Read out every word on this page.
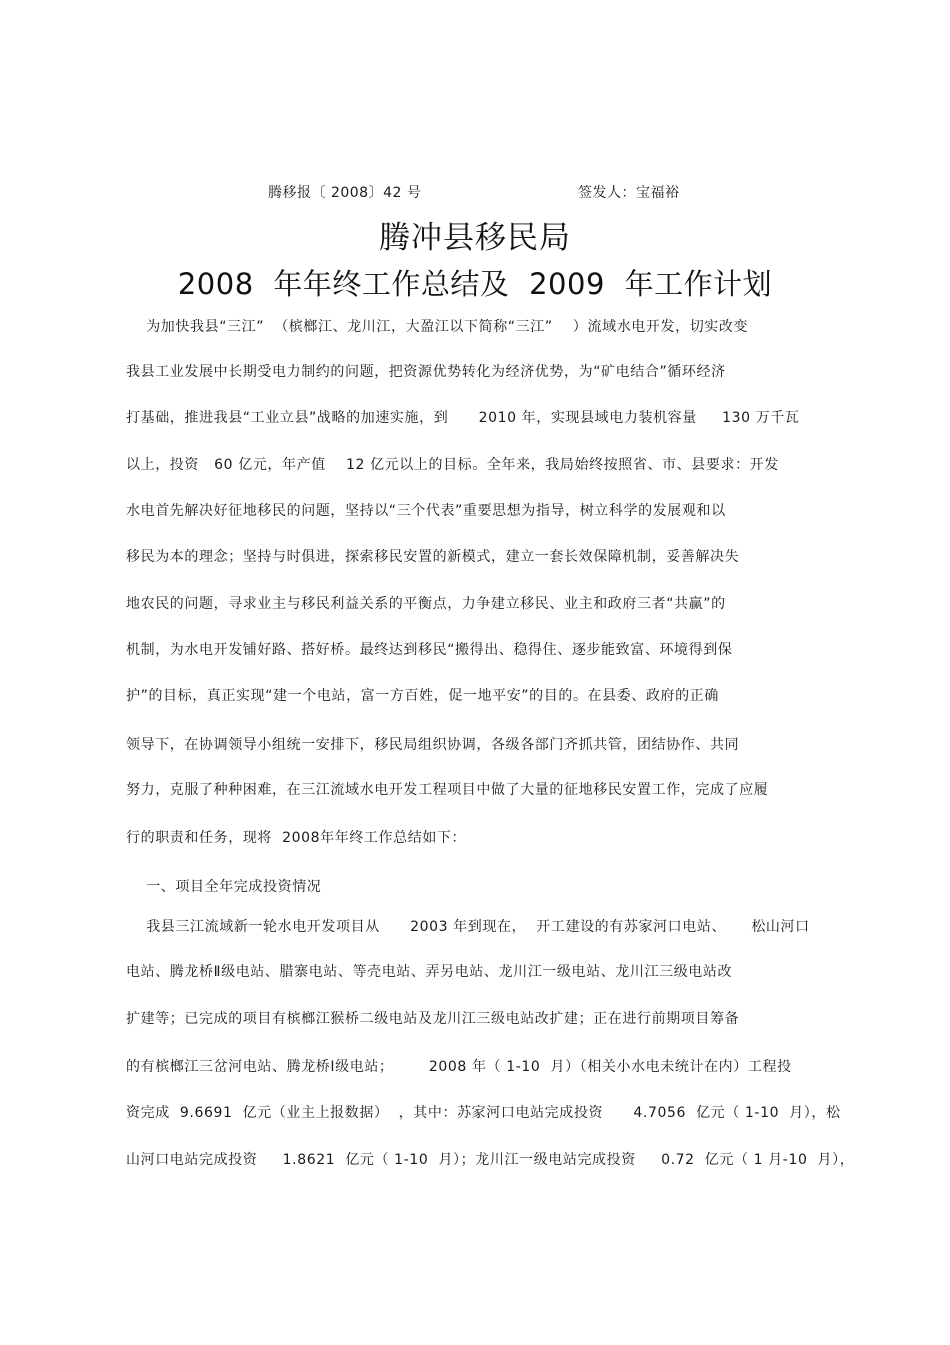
腾移报〔 2008〕42 号	签发人：宝福裕
腾冲县移民局
2008 年年终工作总结及 2009 年工作计划
为加快我县“三江”  （槟榔江、龙川江，大盈江以下简称“三江”    ）流域水电开发，切实改变
我县工业发展中长期受电力制约的问题，把资源优势转化为经济优势，为“矿电结合”循环经济
打基础，推进我县“工业立县”战略的加速实施，到      2010 年，实现县域电力装机容量     130 万千瓦
以上，投资   60 亿元，年产值    12 亿元以上的目标。全年来，我局始终按照省、市、县要求：开发
水电首先解决好征地移民的问题，坚持以“三个代表”重要思想为指导，树立科学的发展观和以
移民为本的理念；坚持与时俱进，探索移民安置的新模式，建立一套长效保障机制，妥善解决失
地农民的问题，寻求业主与移民利益关系的平衡点，力争建立移民、业主和政府三者“共赢”的
机制，为水电开发铺好路、搭好桥。最终达到移民“搬得出、稳得住、逐步能致富、环境得到保
护”的目标，真正实现“建一个电站，富一方百姓，促一地平安”的目的。在县委、政府的正确
领导下，在协调领导小组统一安排下，移民局组织协调，各级各部门齐抓共管，团结协作、共同
努力，克服了种种困难，在三江流域水电开发工程项目中做了大量的征地移民安置工作，完成了应履
行的职责和任务，现将  2008年年终工作总结如下：
一、项目全年完成投资情况
我县三江流域新一轮水电开发项目从      2003 年到现在，  开工建设的有苏家河口电站、     松山河口
电站、腾龙桥Ⅱ级电站、腊寨电站、等壳电站、弄另电站、龙川江一级电站、龙川江三级电站改
扩建等；已完成的项目有槟榔江猴桥二级电站及龙川江三级电站改扩建；正在进行前期项目筹备
的有槟榔江三岔河电站、腾龙桥Ⅰ级电站；       2008 年（ 1-10  月）（相关小水电未统计在内）工程投
资完成  9.6691  亿元（业主上报数据）  ，其中：苏家河口电站完成投资      4.7056  亿元（ 1-10  月），松
山河口电站完成投资     1.8621  亿元（ 1-10  月）；龙川江一级电站完成投资     0.72  亿元（ 1 月-10  月），
